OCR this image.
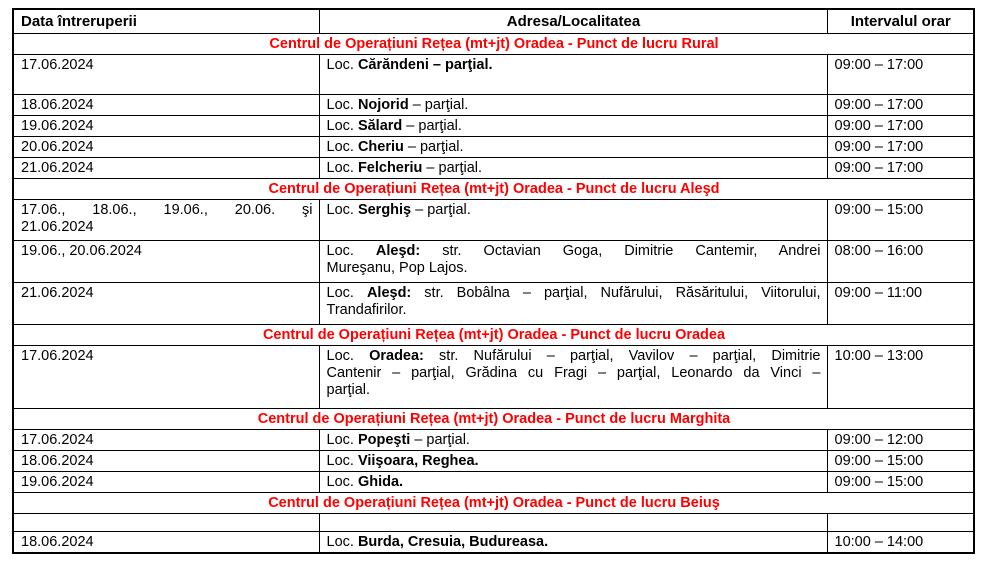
Data întreruperii	Adresa/Localitatea	Intervalul orar
Centrul de Operațiuni Rețea (mt+jt) Oradea - Punct de lucru Rural		

17.06.2024	Loc. Cărăndeni – parţial.	09:00 – 17:00

18.06.2024	Loc. Nojorid – parţial.	09:00 – 17:00

19.06.2024	Loc. Sălard – parţial.	09:00 – 17:00

20.06.2024	Loc. Cheriu – parţial.	09:00 – 17:00

21.06.2024	Loc. Felcheriu – parţial.	09:00 – 17:00
Centrul de Operațiuni Rețea (mt+jt) Oradea - Punct de lucru Aleşd		

17.06., 18.06., 19.06., 20.06. şi
21.06.2024	Loc. Serghiş – parţial.	09:00 – 15:00

19.06., 20.06.2024	Loc. Aleşd: str. Octavian Goga, Dimitrie Cantemir, Andrei
Mureşanu, Pop Lajos.	08:00 – 16:00

21.06.2024	Loc. Aleşd: str. Bobâlna – parţial, Nufărului, Răsăritului, Viitorului,
Trandafirilor.	09:00 – 11:00
Centrul de Operațiuni Rețea (mt+jt) Oradea - Punct de lucru Oradea		

17.06.2024	Loc. Oradea: str. Nufărului – parţial, Vavilov – parţial, Dimitrie
Cantenir – parţial, Grădina cu Fragi – parţial, Leonardo da Vinci –
parţial.	10:00 – 13:00
Centrul de Operațiuni Rețea (mt+jt) Oradea - Punct de lucru Marghita		

17.06.2024	Loc. Popeşti – parţial.	09:00 – 12:00

18.06.2024	Loc. Viişoara, Reghea.	09:00 – 15:00

19.06.2024	Loc. Ghida.	09:00 – 15:00
Centrul de Operațiuni Rețea (mt+jt) Oradea - Punct de lucru Beiuş		

18.06.2024	Loc. Burda, Cresuia, Budureasa.	10:00 – 14:00
